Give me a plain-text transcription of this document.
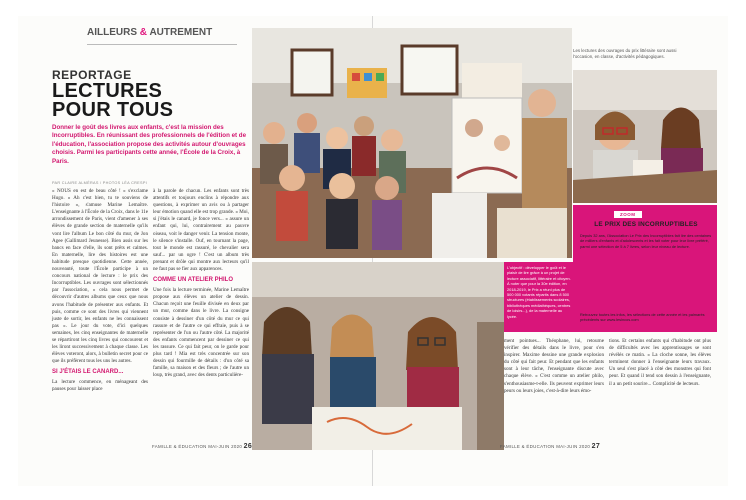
AILLEURS & AUTREMENT
REPORTAGE
LECTURES
POUR TOUS
Donner le goût des livres aux enfants, c'est la mission des Incorruptibles. En réunissant des professionnels de l'édition et de l'éducation, l'association propose des activités autour d'ouvrages choisis. Parmi les participants cette année, l'École de la Croix, à Paris.
PAR CLAIRE ALMÉRAS / PHOTOS LÉA CRESPI

« NOUS en est de beau côté ! » s'exclame Hugo. « Ah c'est bien, tu te souviens de l'histoire », s'amuse Marine Lemaître. L'enseignante à l'École de la Croix, dans le 11e arrondissement de Paris, vient d'amener à ses élèves de grande section de maternelle qu'ils vont lire l'album Le bon côté du mur, de Jon Agee (Gallimard Jeunesse). Bien assis sur les bancs en face d'elle, ils sont prêts et calmes. En maternelle, lire des histoires est une habitude presque quotidienne. Cette année, nouveauté, toute l'École participe à un concours national de lecture : le prix des Incorruptibles. Les ouvrages sont sélectionnés par l'association, « cela nous permet de découvrir d'autres albums que ceux que nous avons l'habitude de présenter aux enfants. Et puis, comme ce sont des livres qui viennent juste de sortir, les enfants ne les connaissent pas ». Le jour du vote, d'ici quelques semaines, les cinq enseignantes de maternelle se répartiront les cinq livres qui concourent et les liront successivement à chaque classe. Les élèves voteront, alors, à bulletin secret pour ce que ils préfèrent tous les uns les autres.

SI J'ÉTAIS LE CANARD...

La lecture commence, en ménageant des pauses pour laisser place

à la parole de chacun. Les enfants sont très attentifs et toujours enclins à répondre aux questions, à exprimer un avis ou à partager leur émotion quand elle est trop grande. « Moi, si j'étais le canard, je fonce vers... » assure un enfant qui, lui, contrairement au pauvre oiseau, voit le danger venir. La tension monte, le silence s'installe. Ouf, en tournant la page, tout le monde est rassuré, le chevalier sera sauf... par un ogre ! C'est un album très prenant et drôle qui montre aux lecteurs qu'il ne faut pas se fier aux apparences.

COMME UN ATELIER PHILO

Une fois la lecture terminée, Marine Lemaître propose aux élèves un atelier de dessin. Chacun reçoit une feuille divisée en deux par un mur, comme dans le livre. La consigne consiste à dessiner d'un côté du mur ce qui rassure et de l'autre ce qui effraie, puis à se représenter de l'un ou l'autre côté. La majorité des enfants commencent par dessiner ce qui les rassure. Ce qui fait peur, on le garde pour plus tard ! Mia est très concentrée sur son dessin qui fourmille de détails : d'un côté sa famille, sa maison et des fleurs ; de l'autre un loup, très grand, avec des dents particulière-

ment pointues... Théophane, lui, retourne vérifier des détails dans le livre, pour s'en inspirer. Maxime dessine une grande explosion du côté qui fait peur. Et pendant que les enfants sont à leur tâche, l'enseignante discute avec chaque élève. « C'est comme un atelier philo, s'enthousiasme-t-elle. Ils peuvent exprimer leurs peurs ou leurs joies, c'est-à-dire leurs émo-

tions. Et certains enfants qui d'habitude ont plus de difficultés avec les apprentissages se sont révélés ce matin. » La cloche sonne, les élèves terminent donner à l'enseignante leurs travaux. Un seul s'est placé à côté des monstres qui font peur. Et quand il tend son dessin à l'enseignante, il a un petit sourire... Complicité de lecteurs.

Les lectures des ouvrages du prix littéraire sont aussi l'occasion, en classe, d'activités pédagogiques.
ZOOM
LE PRIX DES INCORRUPTIBLES
L'objectif : développer le goût et le plaisir de lire grâce à un projet de lecture associatif, littéraire et citoyen. À noter que pour la 30e édition, en 2018-2019, le Prix a réuni plus de 500 000 votants répartis dans 8 500 structures (établissements scolaires, bibliothèques médiathèques, centres de loisirs...), de la maternelle au lycée.
Depuis 32 ans, l'Association Le Prix des Incorruptibles fait lire des centaines de milliers d'enfants et d'adolescents et les fait voter pour leur livre préféré, parmi une sélection de 5 à 7 livres, selon leur niveau de lecture.
Retrouvez toutes les infos, les sélections de cette année et les palmarès précédents sur www.lesincos.com
FAMILLE & ÉDUCATION MAI-JUIN 2020 26	FAMILLE & ÉDUCATION MAI-JUIN 2020 27
